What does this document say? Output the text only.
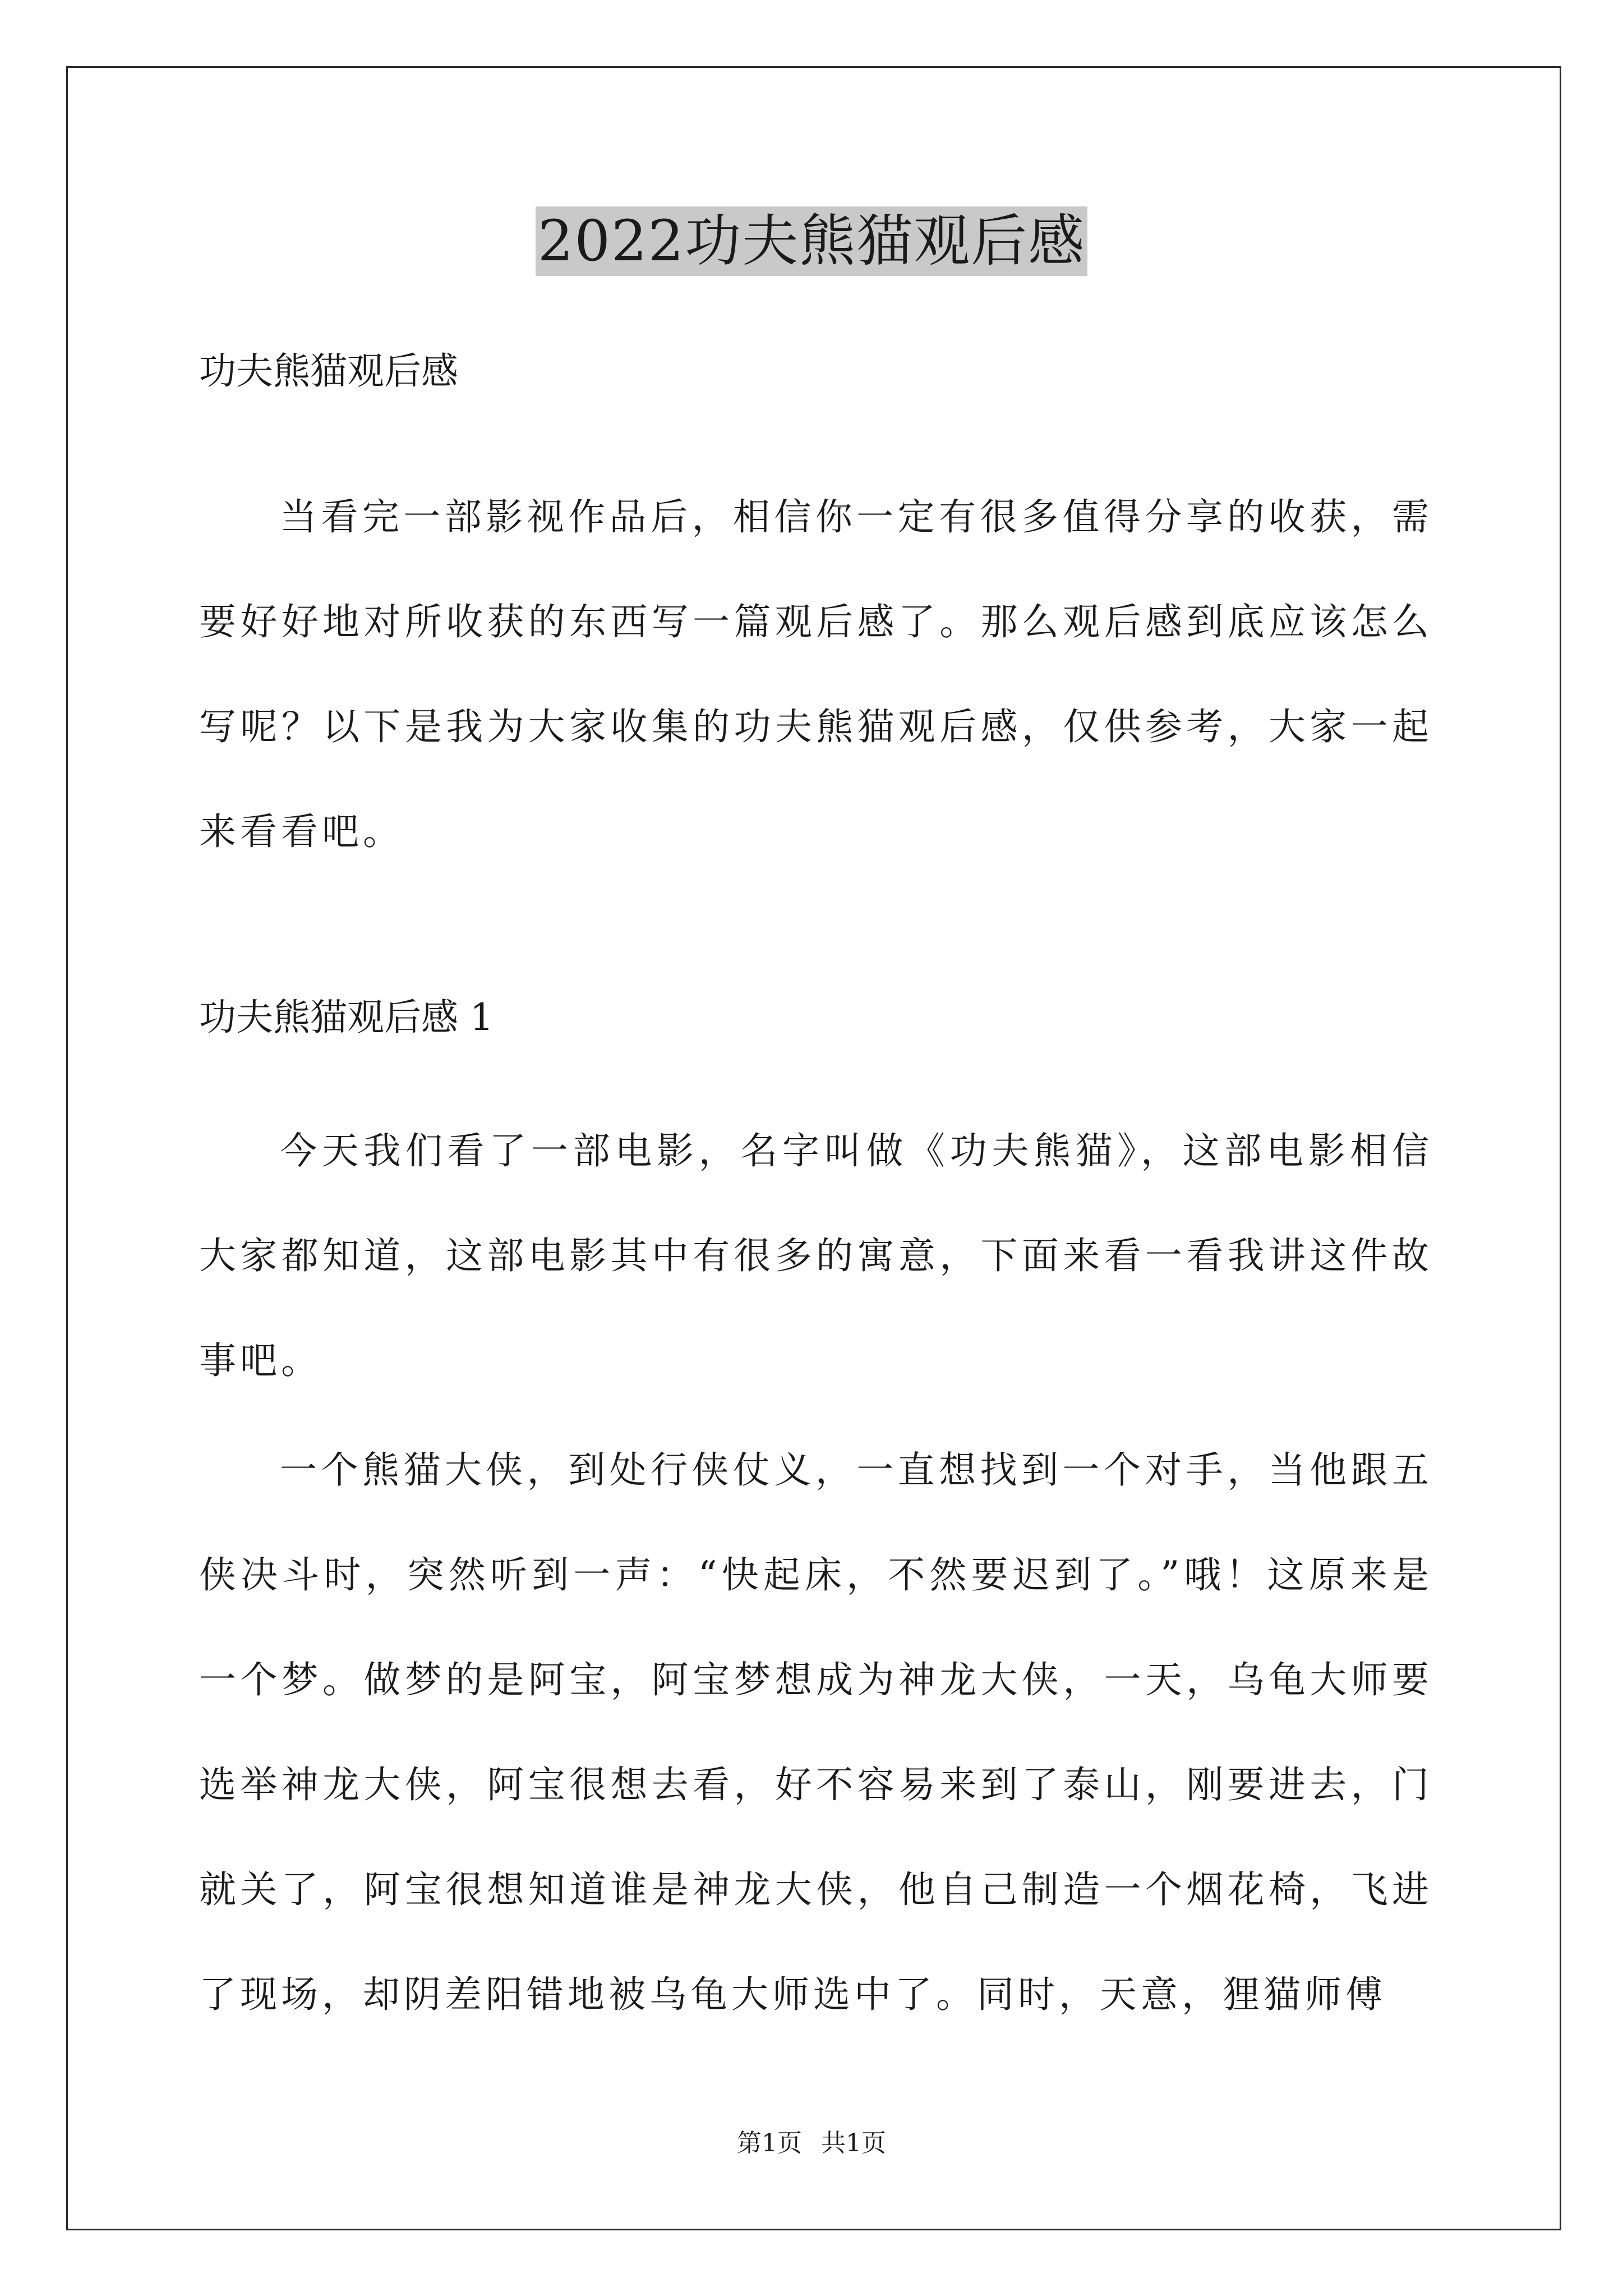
2022功夫熊猫观后感

功夫熊猫观后感

当看完一部影视作品后，相信你一定有很多值得分享的收获，需要好好地对所收获的东西写一篇观后感了。那么观后感到底应该怎么写呢？以下是我为大家收集的功夫熊猫观后感，仅供参考，大家一起来看看吧。

功夫熊猫观后感 1

今天我们看了一部电影，名字叫做《功夫熊猫》，这部电影相信大家都知道，这部电影其中有很多的寓意，下面来看一看我讲这件故事吧。

一个熊猫大侠，到处行侠仗义，一直想找到一个对手，当他跟五侠决斗时，突然听到一声：“快起床，不然要迟到了。”哦！这原来是一个梦。做梦的是阿宝，阿宝梦想成为神龙大侠，一天，乌龟大师要选举神龙大侠，阿宝很想去看，好不容易来到了泰山，刚要进去，门就关了，阿宝很想知道谁是神龙大侠，他自己制造一个烟花椅，飞进了现场，却阴差阳错地被乌龟大师选中了。同时，天意，狸猫师傅

第1页 共1页
